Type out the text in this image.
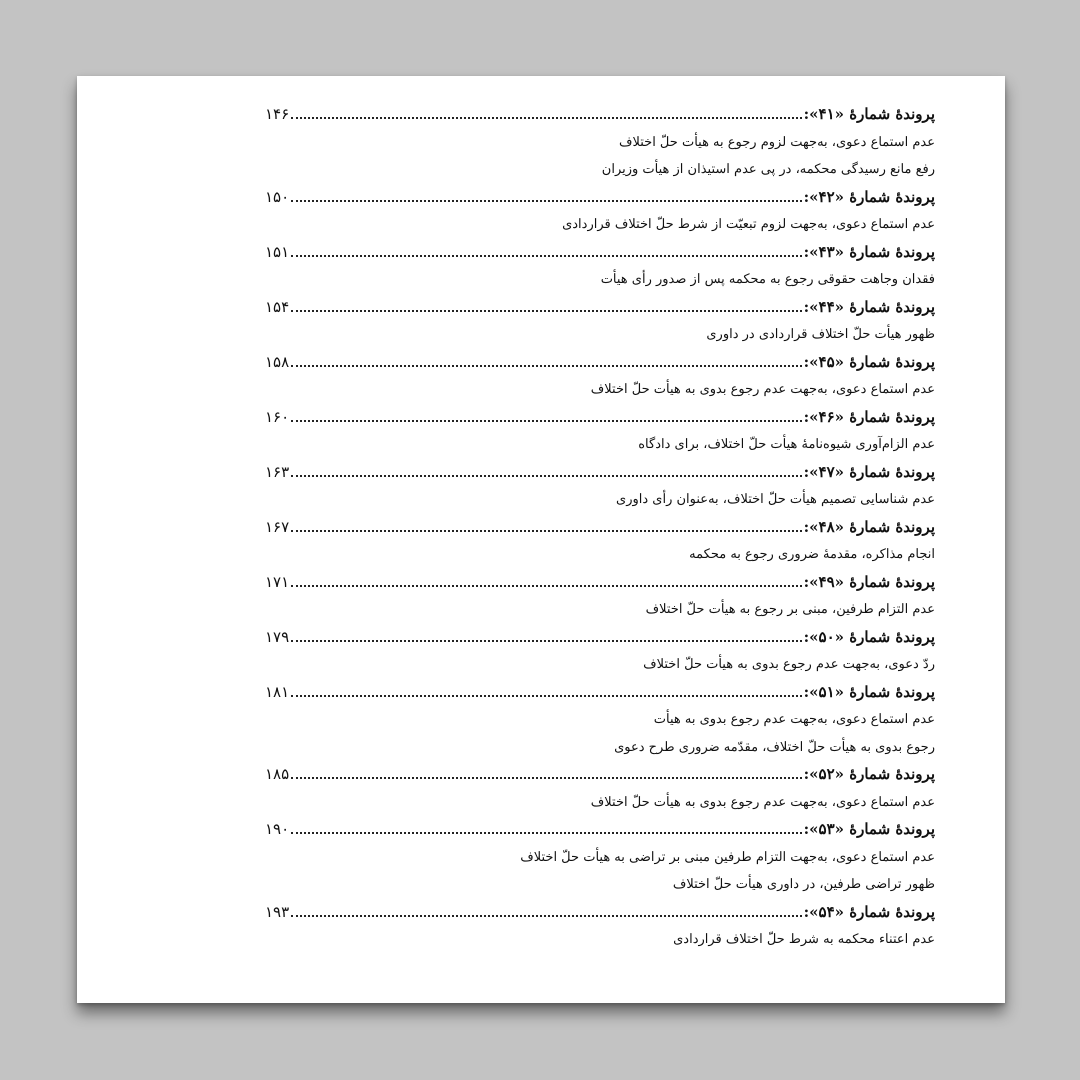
پروندۀ شمارۀ «۴۱»:
۱۴۶
عدم استماع دعوی، به‌جهت لزوم رجوع به هیأت حلّ اختلاف
رفع مانع رسیدگی محکمه، در پی عدم استیذان از هیأت وزیران
پروندۀ شمارۀ «۴۲»:
۱۵۰
عدم استماع دعوی، به‌جهت لزوم تبعیّت از شرط حلّ اختلاف قراردادی
پروندۀ شمارۀ «۴۳»:
۱۵۱
فقدان وجاهت حقوقی رجوع به محکمه پس از صدور رأی هیأت
پروندۀ شمارۀ «۴۴»:
۱۵۴
ظهور هیأت حلّ اختلاف قراردادی در داوری
پروندۀ شمارۀ «۴۵»:
۱۵۸
عدم استماع دعوی، به‌جهت عدم رجوع بدوی به هیأت حلّ اختلاف
پروندۀ شمارۀ «۴۶»:
۱۶۰
عدم الزام‌آوری شیوه‌نامۀ هیأت حلّ اختلاف، برای دادگاه
پروندۀ شمارۀ «۴۷»:
۱۶۳
عدم شناسایی تصمیم هیأت حلّ اختلاف، به‌عنوان رأی داوری
پروندۀ شمارۀ «۴۸»:
۱۶۷
انجام مذاکره، مقدمۀ ضروری رجوع به محکمه
پروندۀ شمارۀ «۴۹»:
۱۷۱
عدم التزام طرفین، مبنی بر رجوع به هیأت حلّ اختلاف
پروندۀ شمارۀ «۵۰»:
۱۷۹
ردّ دعوی، به‌جهت عدم رجوع بدوی به هیأت حلّ اختلاف
پروندۀ شمارۀ «۵۱»:
۱۸۱
عدم استماع دعوی، به‌جهت عدم رجوع بدوی به هیأت
رجوع بدوی به هیأت حلّ اختلاف، مقدّمه ضروری طرح دعوی
پروندۀ شمارۀ «۵۲»:
۱۸۵
عدم استماع دعوی، به‌جهت عدم رجوع بدوی به هیأت حلّ اختلاف
پروندۀ شمارۀ «۵۳»:
۱۹۰
عدم استماع دعوی، به‌جهت التزام طرفین مبنی بر تراضی به هیأت حلّ اختلاف
ظهور تراضی طرفین، در داوری هیأت حلّ اختلاف
پروندۀ شمارۀ «۵۴»:
۱۹۳
عدم اعتناء محکمه به شرط حلّ اختلاف قراردادی
